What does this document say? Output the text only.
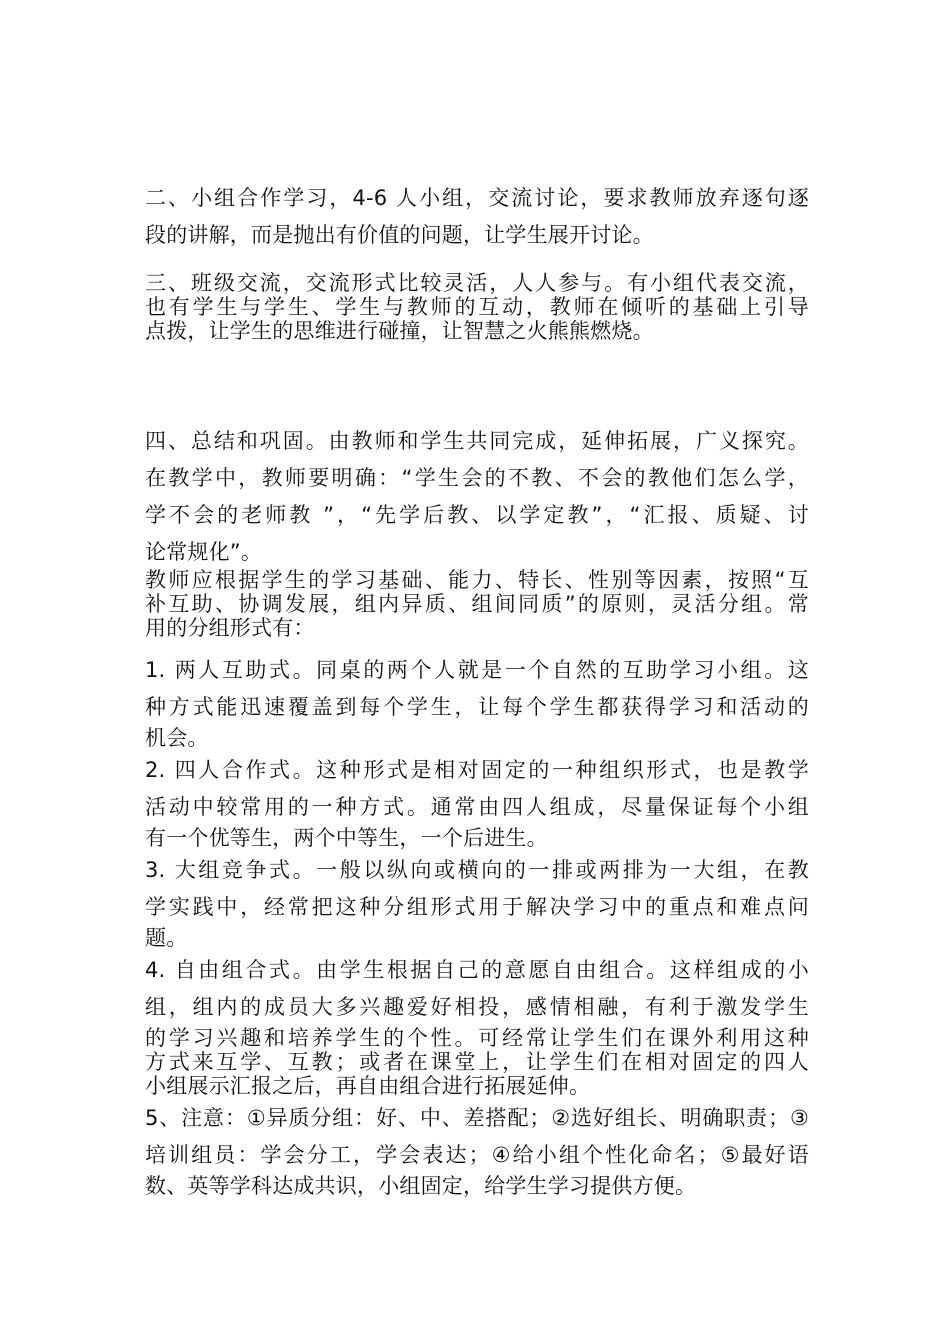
二、小组合作学习，4-6 人小组，交流讨论，要求教师放弃逐句逐
段的讲解，而是抛出有价值的问题，让学生展开讨论。
三、班级交流，交流形式比较灵活，人人参与。有小组代表交流，
也有学生与学生、学生与教师的互动，教师在倾听的基础上引导
点拨，让学生的思维进行碰撞，让智慧之火熊熊燃烧。
四、总结和巩固。由教师和学生共同完成，延伸拓展，广义探究。
在教学中，教师要明确：“学生会的不教、不会的教他们怎么学，
学不会的老师教 ”，“先学后教、以学定教”，“汇报、质疑、讨
论常规化”。
教师应根据学生的学习基础、能力、特长、性别等因素，按照“互
补互助、协调发展，组内异质、组间同质”的原则，灵活分组。常
用的分组形式有：
1. 两人互助式。同桌的两个人就是一个自然的互助学习小组。这
种方式能迅速覆盖到每个学生，让每个学生都获得学习和活动的
机会。
2. 四人合作式。这种形式是相对固定的一种组织形式，也是教学
活动中较常用的一种方式。通常由四人组成，尽量保证每个小组
有一个优等生，两个中等生，一个后进生。
3. 大组竞争式。一般以纵向或横向的一排或两排为一大组，在教
学实践中，经常把这种分组形式用于解决学习中的重点和难点问
题。
4. 自由组合式。由学生根据自己的意愿自由组合。这样组成的小
组，组内的成员大多兴趣爱好相投，感情相融，有利于激发学生
的学习兴趣和培养学生的个性。可经常让学生们在课外利用这种
方式来互学、互教；或者在课堂上，让学生们在相对固定的四人
小组展示汇报之后，再自由组合进行拓展延伸。
5、注意：①异质分组：好、中、差搭配；②选好组长、明确职责；③
培训组员：学会分工，学会表达；④给小组个性化命名；⑤最好语
数、英等学科达成共识，小组固定，给学生学习提供方便。
